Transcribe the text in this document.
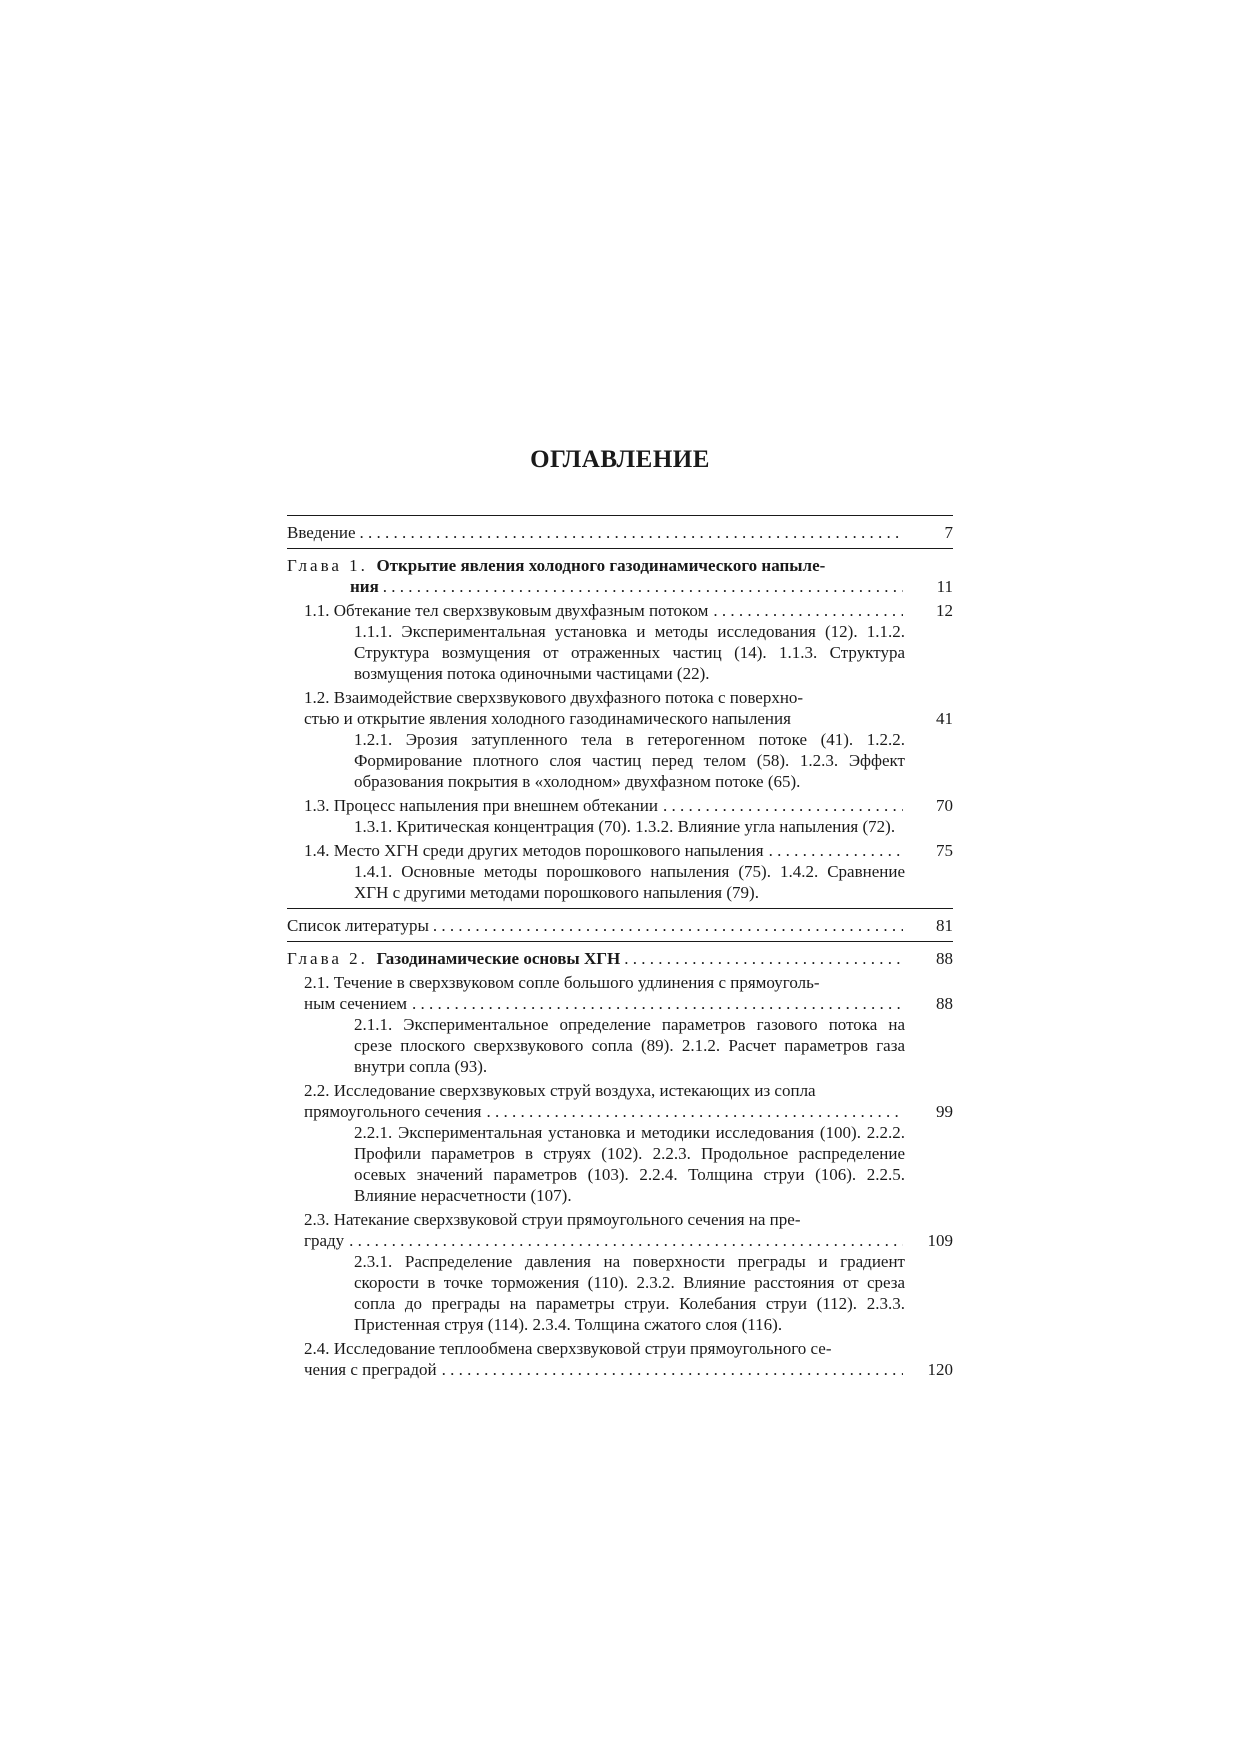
ОГЛАВЛЕНИЕ
Введение . . .	7
Глава 1. Открытие явления холодного газодинамического напыле-
ния . . .	11
1.1. Обтекание тел сверхзвуковым двухфазным потоком . . .	12
1.1.1. Экспериментальная установка и методы исследования (12). 1.1.2. Структура возмущения от отраженных частиц (14). 1.1.3. Структура возмущения потока одиночными частицами (22).
1.2. Взаимодействие сверхзвукового двухфазного потока с поверхно-
стью и открытие явления холодного газодинамического напыления	41
1.2.1. Эрозия затупленного тела в гетерогенном потоке (41). 1.2.2. Формирование плотного слоя частиц перед телом (58). 1.2.3. Эффект образования покрытия в «холодном» двухфазном потоке (65).
1.3. Процесс напыления при внешнем обтекании . . .	70
1.3.1. Критическая концентрация (70). 1.3.2. Влияние угла напыления (72).
1.4. Место ХГН среди других методов порошкового напыления . . .	75
1.4.1. Основные методы порошкового напыления (75). 1.4.2. Сравнение ХГН с другими методами порошкового напыления (79).
Список литературы . . .	81
Глава 2. Газодинамические основы ХГН . . .	88
2.1. Течение в сверхзвуковом сопле большого удлинения с прямоуголь-
ным сечением . . .	88
2.1.1. Экспериментальное определение параметров газового потока на срезе плоского сверхзвукового сопла (89). 2.1.2. Расчет параметров газа внутри сопла (93).
2.2. Исследование сверхзвуковых струй воздуха, истекающих из сопла
прямоугольного сечения . . .	99
2.2.1. Экспериментальная установка и методики исследования (100). 2.2.2. Профили параметров в струях (102). 2.2.3. Продольное распределение осевых значений параметров (103). 2.2.4. Толщина струи (106). 2.2.5. Влияние нерасчетности (107).
2.3. Натекание сверхзвуковой струи прямоугольного сечения на пре-
граду . . .	109
2.3.1. Распределение давления на поверхности преграды и градиент скорости в точке торможения (110). 2.3.2. Влияние расстояния от среза сопла до преграды на параметры струи. Колебания струи (112). 2.3.3. Пристенная струя (114). 2.3.4. Толщина сжатого слоя (116).
2.4. Исследование теплообмена сверхзвуковой струи прямоугольного се-
чения с преградой . . .	120
